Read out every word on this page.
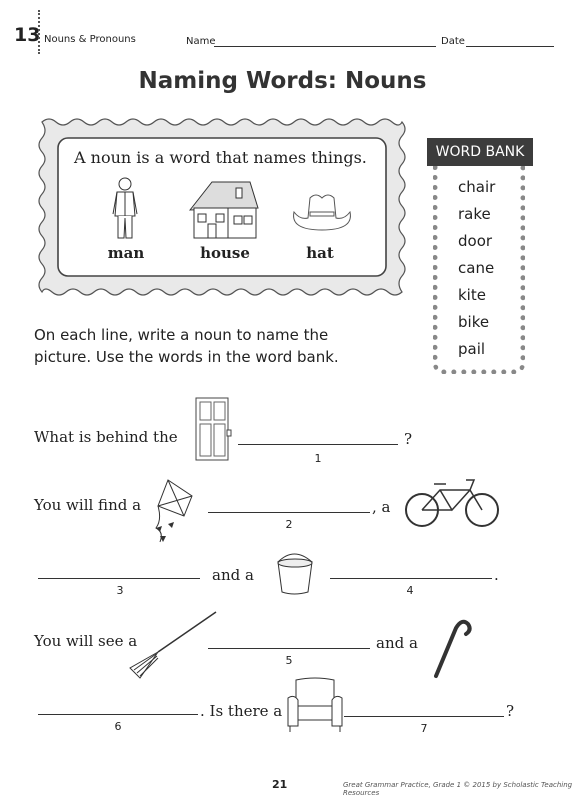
13 Nouns & Pronouns	Name	Date
Naming Words: Nouns
A noun is a word that names things.
man	house	hat
WORD BANK
chair
rake
door
cane
kite
bike
pail
On each line, write a noun to name the
picture. Use the words in the word bank.
What is behind the	?
1
You will find a	, a
2
and a	.
3	4
You will see a	and a
5
. Is there a	?
6	7
21	Great Grammar Practice, Grade 1 © 2015 by Scholastic Teaching Resources
